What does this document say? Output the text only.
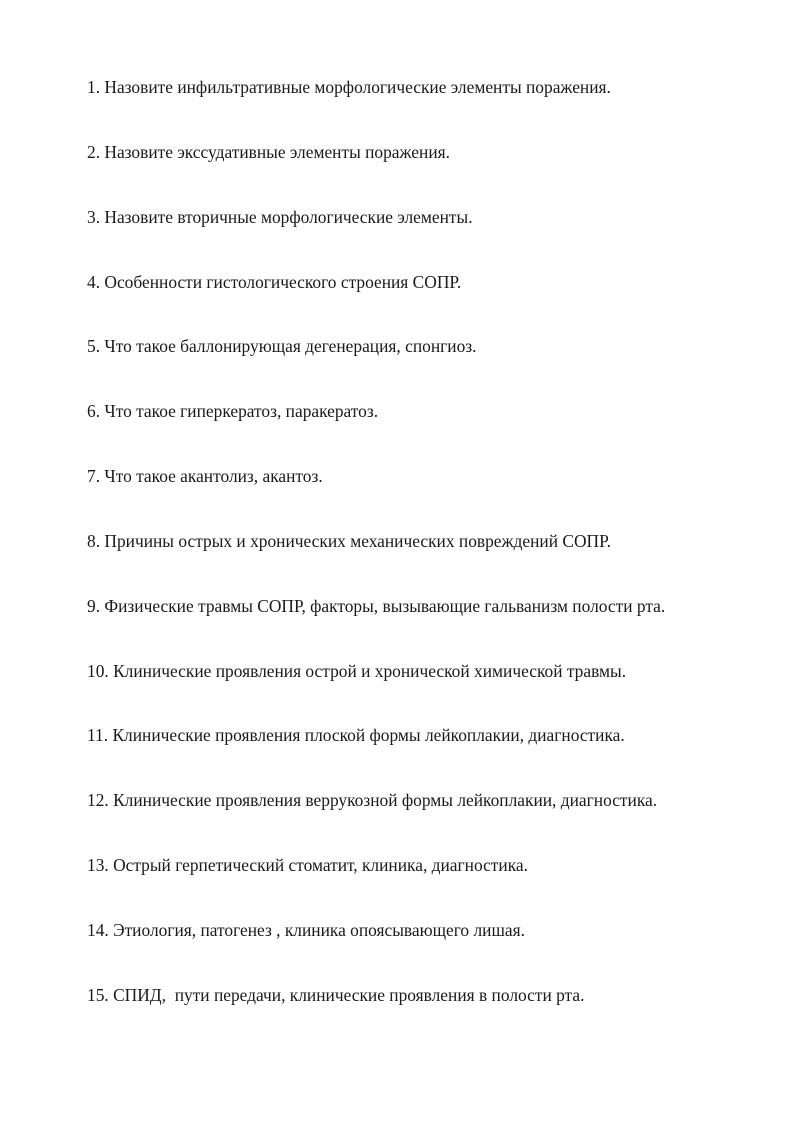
1. Назовите инфильтративные морфологические элементы поражения.
2. Назовите экссудативные элементы поражения.
3. Назовите вторичные морфологические элементы.
4. Особенности гистологического строения СОПР.
5. Что такое баллонирующая дегенерация, спонгиоз.
6. Что такое гиперкератоз, паракератоз.
7. Что такое акантолиз, акантоз.
8. Причины острых и хронических механических повреждений СОПР.
9. Физические травмы СОПР, факторы, вызывающие гальванизм полости рта.
10. Клинические проявления острой и хронической химической травмы.
11. Клинические проявления плоской формы лейкоплакии, диагностика.
12. Клинические проявления веррукозной формы лейкоплакии, диагностика.
13. Острый герпетический стоматит, клиника, диагностика.
14. Этиология, патогенез , клиника опоясывающего лишая.
15. СПИД,  пути передачи, клинические проявления в полости рта.
